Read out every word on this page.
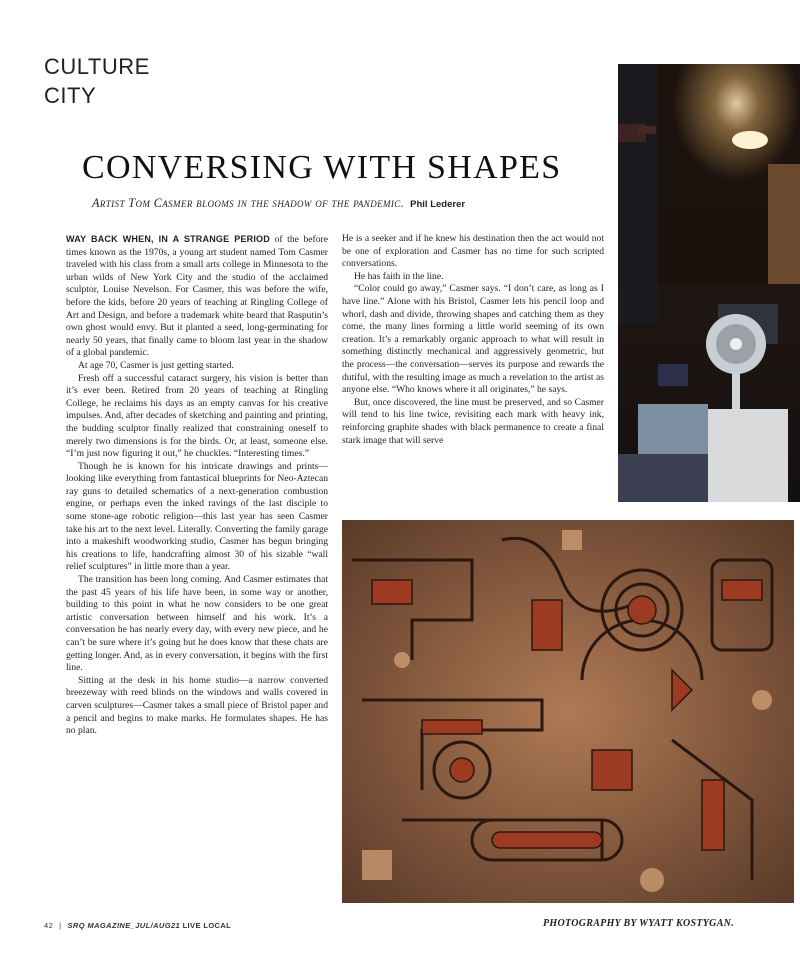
CULTURE
CITY
CONVERSING WITH SHAPES
Artist Tom Casmer blooms in the shadow of the pandemic. Phil Lederer

WAY BACK WHEN, IN A STRANGE PERIOD of the before times known as the 1970s, a young art student named Tom Casmer traveled with his class from a small arts college in Minnesota to the urban wilds of New York City and the studio of the acclaimed sculptor, Louise Nevelson. For Casmer, this was before the wife, before the kids, before 20 years of teaching at Ringling College of Art and Design, and before a trademark white beard that Rasputin’s own ghost would envy. But it planted a seed, long-germinating for nearly 50 years, that finally came to bloom last year in the shadow of a global pandemic.

At age 70, Casmer is just getting started.

Fresh off a successful cataract surgery, his vision is better than it’s ever been. Retired from 20 years of teaching at Ringling College, he reclaims his days as an empty canvas for his creative impulses. And, after decades of sketching and painting and printing, the budding sculptor finally realized that constraining oneself to merely two dimensions is for the birds. Or, at least, someone else. “I’m just now figuring it out,” he chuckles. “Interesting times.”

Though he is known for his intricate drawings and prints—looking like everything from fantastical blueprints for Neo-Aztecan ray guns to detailed schematics of a next-generation combustion engine, or perhaps even the inked ravings of the last disciple to some stone-age robotic religion—this last year has seen Casmer take his art to the next level. Literally. Converting the family garage into a makeshift woodworking studio, Casmer has begun bringing his creations to life, handcrafting almost 30 of his sizable “wall relief sculptures” in little more than a year.

The transition has been long coming. And Casmer estimates that the past 45 years of his life have been, in some way or another, building to this point in what he now considers to be one great artistic conversation between himself and his work. It’s a conversation he has nearly every day, with every new piece, and he can’t be sure where it’s going but he does know that these chats are getting longer. And, as in every conversation, it begins with the first line.

Sitting at the desk in his home studio—a narrow converted breezeway with reed blinds on the windows and walls covered in carven sculptures—Casmer takes a small piece of Bristol paper and a pencil and begins to make marks. He formulates shapes. He has no plan.

He is a seeker and if he knew his destination then the act would not be one of exploration and Casmer has no time for such scripted conversations.

He has faith in the line.

“Color could go away,” Casmer says. “I don’t care, as long as I have line.” Alone with his Bristol, Casmer lets his pencil loop and whorl, dash and divide, throwing shapes and catching them as they come, the many lines forming a little world seeming of its own creation. It’s a remarkably organic approach to what will result in something distinctly mechanical and aggressively geometric, but the process—the conversation—serves its purpose and rewards the dutiful, with the resulting image as much a revelation to the artist as anyone else. “Who knows where it all originates,” he says.

But, once discovered, the line must be preserved, and so Casmer will tend to his line twice, revisiting each mark with heavy ink, reinforcing graphite shades with black permanence to create a final stark image that will serve

42 | SRQ MAGAZINE_JUL/AUG21 LIVE LOCAL	PHOTOGRAPHY BY WYATT KOSTYGAN.
